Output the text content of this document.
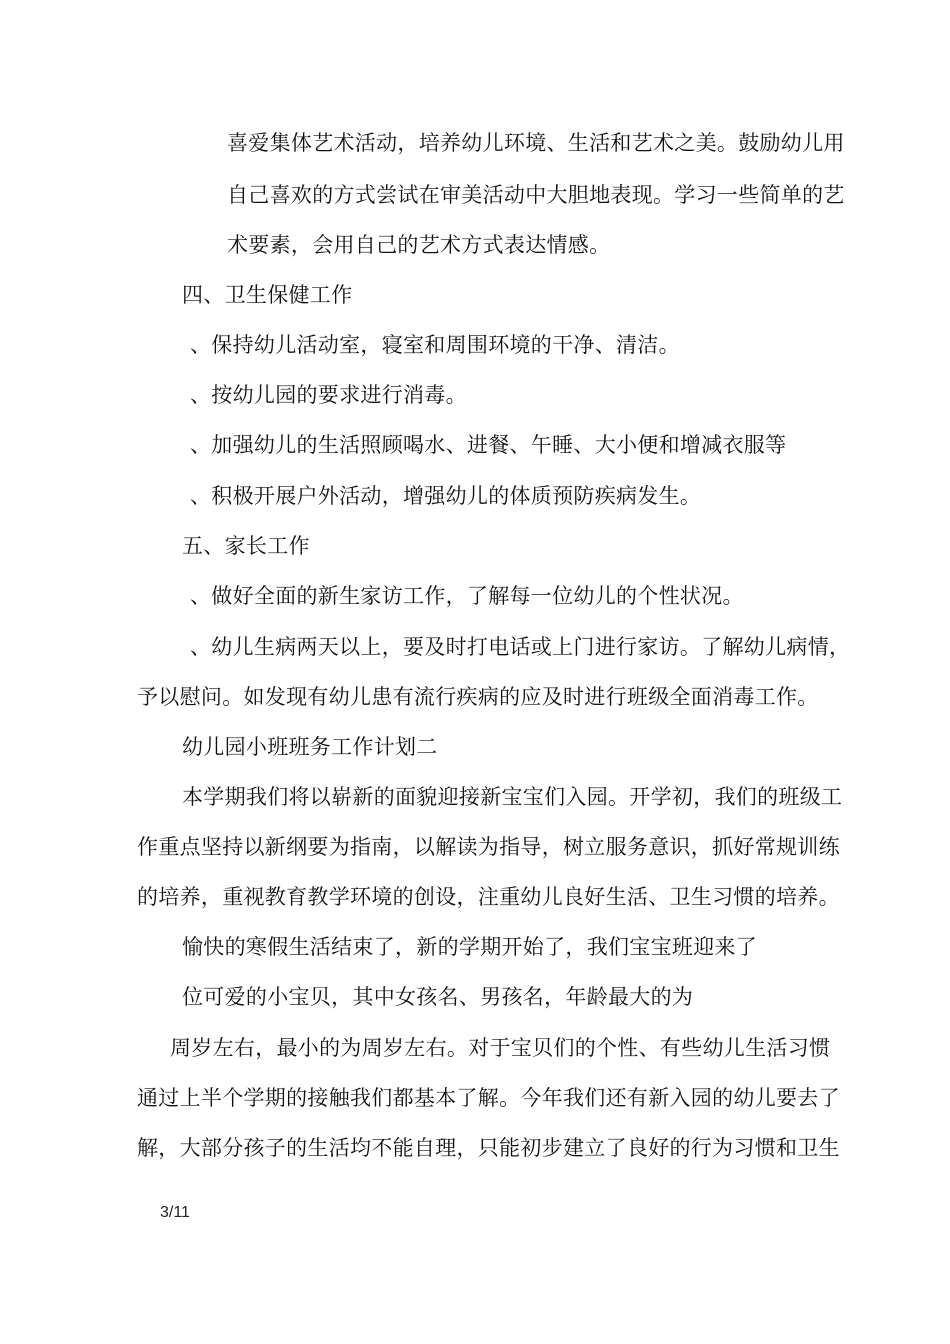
喜爱集体艺术活动，培养幼儿环境、生活和艺术之美。鼓励幼儿用

自己喜欢的方式尝试在审美活动中大胆地表现。学习一些简单的艺

术要素，会用自己的艺术方式表达情感。

四、卫生保健工作

、保持幼儿活动室，寝室和周围环境的干净、清洁。

、按幼儿园的要求进行消毒。

、加强幼儿的生活照顾喝水、进餐、午睡、大小便和增减衣服等

、积极开展户外活动，增强幼儿的体质预防疾病发生。

五、家长工作

、做好全面的新生家访工作，了解每一位幼儿的个性状况。

、幼儿生病两天以上，要及时打电话或上门进行家访。了解幼儿病情，

予以慰问。如发现有幼儿患有流行疾病的应及时进行班级全面消毒工作。

幼儿园小班班务工作计划二

本学期我们将以崭新的面貌迎接新宝宝们入园。开学初，我们的班级工

作重点坚持以新纲要为指南，以解读为指导，树立服务意识，抓好常规训练

的培养，重视教育教学环境的创设，注重幼儿良好生活、卫生习惯的培养。

愉快的寒假生活结束了，新的学期开始了，我们宝宝班迎来了

位可爱的小宝贝，其中女孩名、男孩名，年龄最大的为

周岁左右，最小的为周岁左右。对于宝贝们的个性、有些幼儿生活习惯

通过上半个学期的接触我们都基本了解。今年我们还有新入园的幼儿要去了

解，大部分孩子的生活均不能自理，只能初步建立了良好的行为习惯和卫生

3/11
